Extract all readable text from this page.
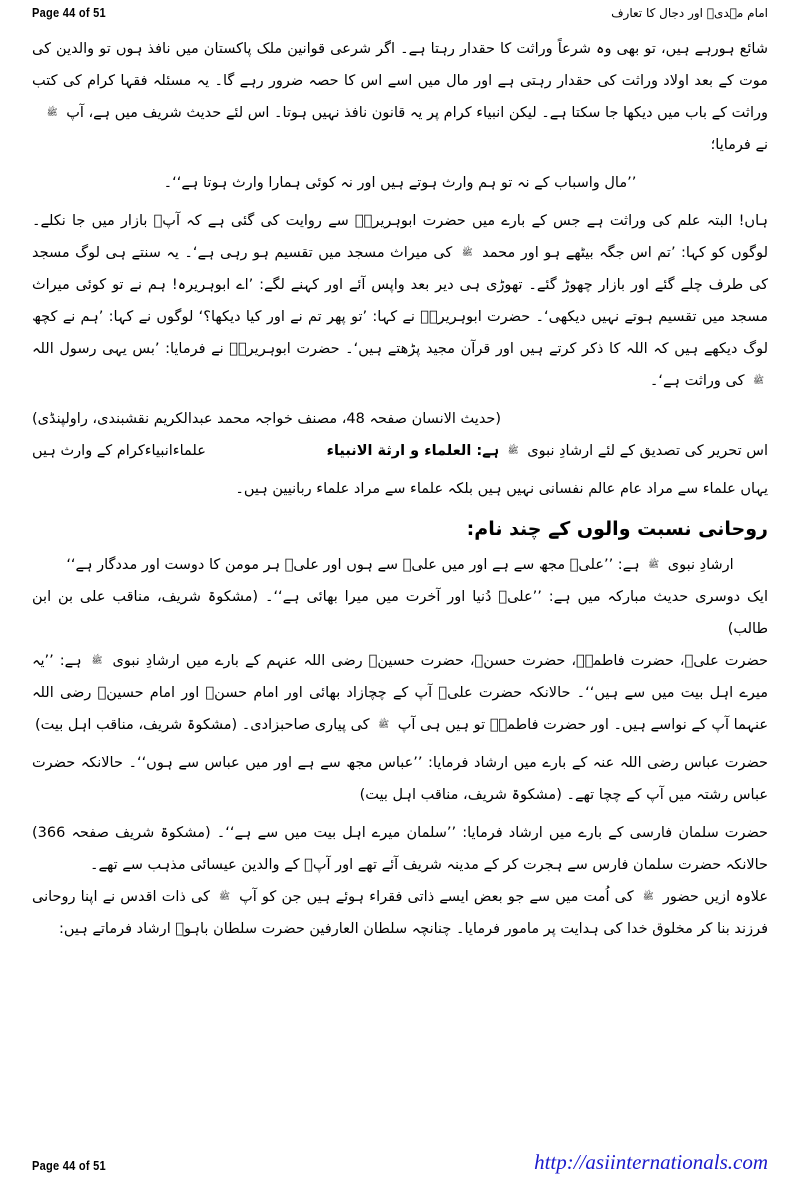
Page 44 of 51	امام مہدیؑ اور دجال کا تعارف

شائع ہورہے ہیں، تو بھی وہ شرعاً وراثت کا حقدار رہتا ہے۔ اگر شرعی قوانین ملک پاکستان میں نافذ ہوں تو والدین کی موت کے بعد اولاد وراثت کی حقدار رہتی ہے اور مال میں اسے اس کا حصہ ضرور رہے گا۔ یہ مسئلہ فقہا کرام کی کتب وراثت کے باب میں دیکھا جا سکتا ہے۔ لیکن انبیاء کرام پر یہ قانون نافذ نہیں ہوتا۔ اس لئے حدیث شریف میں ہے، آپ ﷺ

نے فرمایا؛

’’مال واسباب کے نہ تو ہم وارث ہوتے ہیں اور نہ کوئی ہمارا وارث ہوتا ہے‘‘۔

ہاں! البتہ علم کی وراثت ہے جس کے بارے میں حضرت ابوہریرہؓ سے روایت کی گئی ہے کہ آپؐ بازار میں جا نکلے۔ لوگوں کو کہا: ’تم اس جگہ بیٹھے ہو اور محمد ﷺ کی میراث مسجد میں تقسیم ہو رہی ہے‘۔ یہ سنتے ہی لوگ مسجد کی طرف چلے گئے اور بازار چھوڑ گئے۔ تھوڑی ہی دیر بعد واپس آئے اور کہنے لگے: ’اے ابوہریرہ! ہم نے تو کوئی میراث مسجد میں تقسیم ہوتے نہیں دیکھی‘۔ حضرت ابوہریرہؓ نے کہا: ’تو پھر تم نے اور کیا دیکھا؟‘ لوگوں نے کہا: ’ہم نے کچھ لوگ دیکھے ہیں کہ اللہ کا ذکر کرتے ہیں اور قرآن مجید پڑھتے ہیں‘۔ حضرت ابوہریرہؓ نے فرمایا: ’بس یہی رسول اللہ ﷺ کی وراثت ہے‘۔

(حدیث الانسان صفحہ 48، مصنف خواجہ محمد عبدالکریم نقشبندی، راولپنڈی)

اس تحریر کی تصدیق کے لئے ارشادِ نبوی ﷺ ہے: العلماء و ارثة الانبیاء
علماءانبیاءکرام کے وارث ہیں

یہاں علماء سے مراد عام عالم نفسانی نہیں ہیں بلکہ علماء سے مراد علماء ربانیین ہیں۔

روحانی نسبت والوں کے چند نام:

ارشادِ نبوی ﷺ ہے: ’’علیؑ مجھ سے ہے اور میں علیؑ سے ہوں اور علیؑ ہر مومن کا دوست اور مددگار ہے‘‘

ایک دوسری حدیث مبارکہ میں ہے: ’’علیؑ دُنیا اور آخرت میں میرا بھائی ہے‘‘۔ (مشکوۃ شریف، مناقب علی بن ابن طالب)

حضرت علیؑ، حضرت فاطمہؓ، حضرت حسنؑ، حضرت حسینؑ رضی اللہ عنہم کے بارے میں ارشادِ نبوی ﷺ ہے: ’’یہ میرے اہل بیت میں سے ہیں‘‘۔ حالانکہ حضرت علیؑ آپ کے چچازاد بھائی اور امام حسنؑ اور امام حسینؑ رضی اللہ عنہما آپ کے نواسے ہیں۔ اور حضرت فاطمہؓ تو ہیں ہی آپ ﷺ کی پیاری صاحبزادی۔ (مشکوۃ شریف، مناقب اہل بیت)

حضرت عباس رضی اللہ عنہ کے بارے میں ارشاد فرمایا: ’’عباس مجھ سے ہے اور میں عباس سے ہوں‘‘۔ حالانکہ حضرت عباس رشتہ میں آپ کے چچا تھے۔ (مشکوۃ شریف، مناقب اہل بیت)

حضرت سلمان فارسی کے بارے میں ارشاد فرمایا: ’’سلمان میرے اہل بیت میں سے ہے‘‘۔ (مشکوۃ شریف صفحہ 366) حالانکہ حضرت سلمان فارس سے ہجرت کر کے مدینہ شریف آئے تھے اور آپؓ کے والدین عیسائی مذہب سے تھے۔

علاوہ ازیں حضور ﷺ کی اُمت میں سے جو بعض ایسے ذاتی فقراء ہوئے ہیں جن کو آپ ﷺ کی ذات اقدس نے اپنا روحانی فرزند بنا کر مخلوق خدا کی ہدایت پر مامور فرمایا۔ چنانچہ سلطان العارفین حضرت سلطان باہوؒ ارشاد فرماتے ہیں:

Page 44 of 51	http://asiinternationals.com
